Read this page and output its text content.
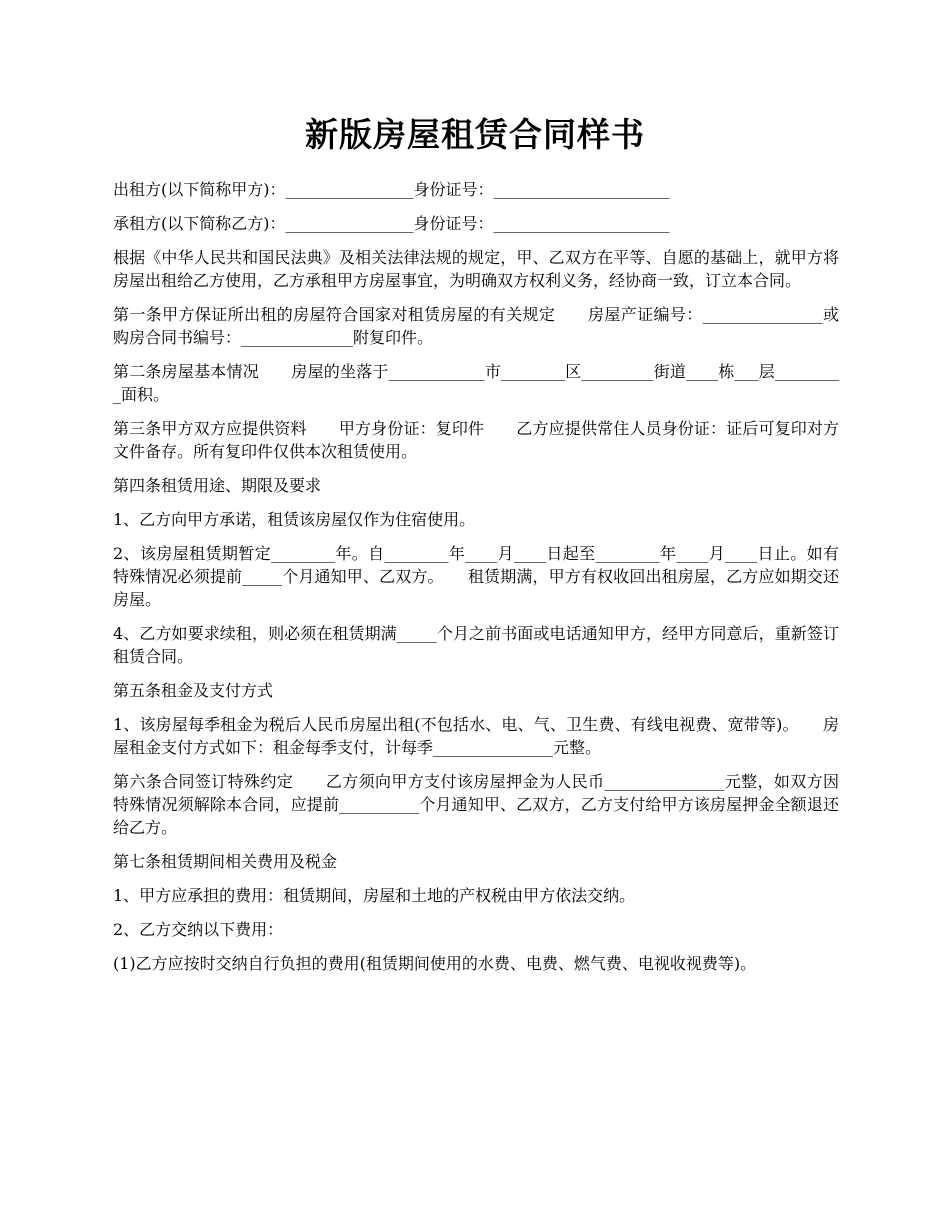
新版房屋租赁合同样书

出租方(以下简称甲方)：________________身份证号：______________________

承租方(以下简称乙方)：________________身份证号：______________________

根据《中华人民共和国民法典》及相关法律法规的规定，甲、乙双方在平等、自愿的基础上，就甲方将房屋出租给乙方使用，乙方承租甲方房屋事宜，为明确双方权利义务，经协商一致，订立本合同。

第一条甲方保证所出租的房屋符合国家对租赁房屋的有关规定　　房屋产证编号：_______________或购房合同书编号：______________附复印件。

第二条房屋基本情况　　房屋的坐落于____________市________区_________街道____栋___层_________面积。

第三条甲方双方应提供资料　　甲方身份证：复印件　　乙方应提供常住人员身份证：证后可复印对方文件备存。所有复印件仅供本次租赁使用。

第四条租赁用途、期限及要求

1、乙方向甲方承诺，租赁该房屋仅作为住宿使用。

2、该房屋租赁期暂定________年。自________年____月____日起至________年____月____日止。如有特殊情况必须提前_____个月通知甲、乙双方。　　租赁期满，甲方有权收回出租房屋，乙方应如期交还房屋。

4、乙方如要求续租，则必须在租赁期满_____个月之前书面或电话通知甲方，经甲方同意后，重新签订租赁合同。

第五条租金及支付方式

1、该房屋每季租金为税后人民币房屋出租(不包括水、电、气、卫生费、有线电视费、宽带等)。　　房屋租金支付方式如下：租金每季支付，计每季_______________元整。

第六条合同签订特殊约定　　乙方须向甲方支付该房屋押金为人民币_______________元整，如双方因特殊情况须解除本合同，应提前__________个月通知甲、乙双方，乙方支付给甲方该房屋押金全额退还给乙方。

第七条租赁期间相关费用及税金

1、甲方应承担的费用：租赁期间，房屋和土地的产权税由甲方依法交纳。

2、乙方交纳以下费用：

(1)乙方应按时交纳自行负担的费用(租赁期间使用的水费、电费、燃气费、电视收视费等)。
